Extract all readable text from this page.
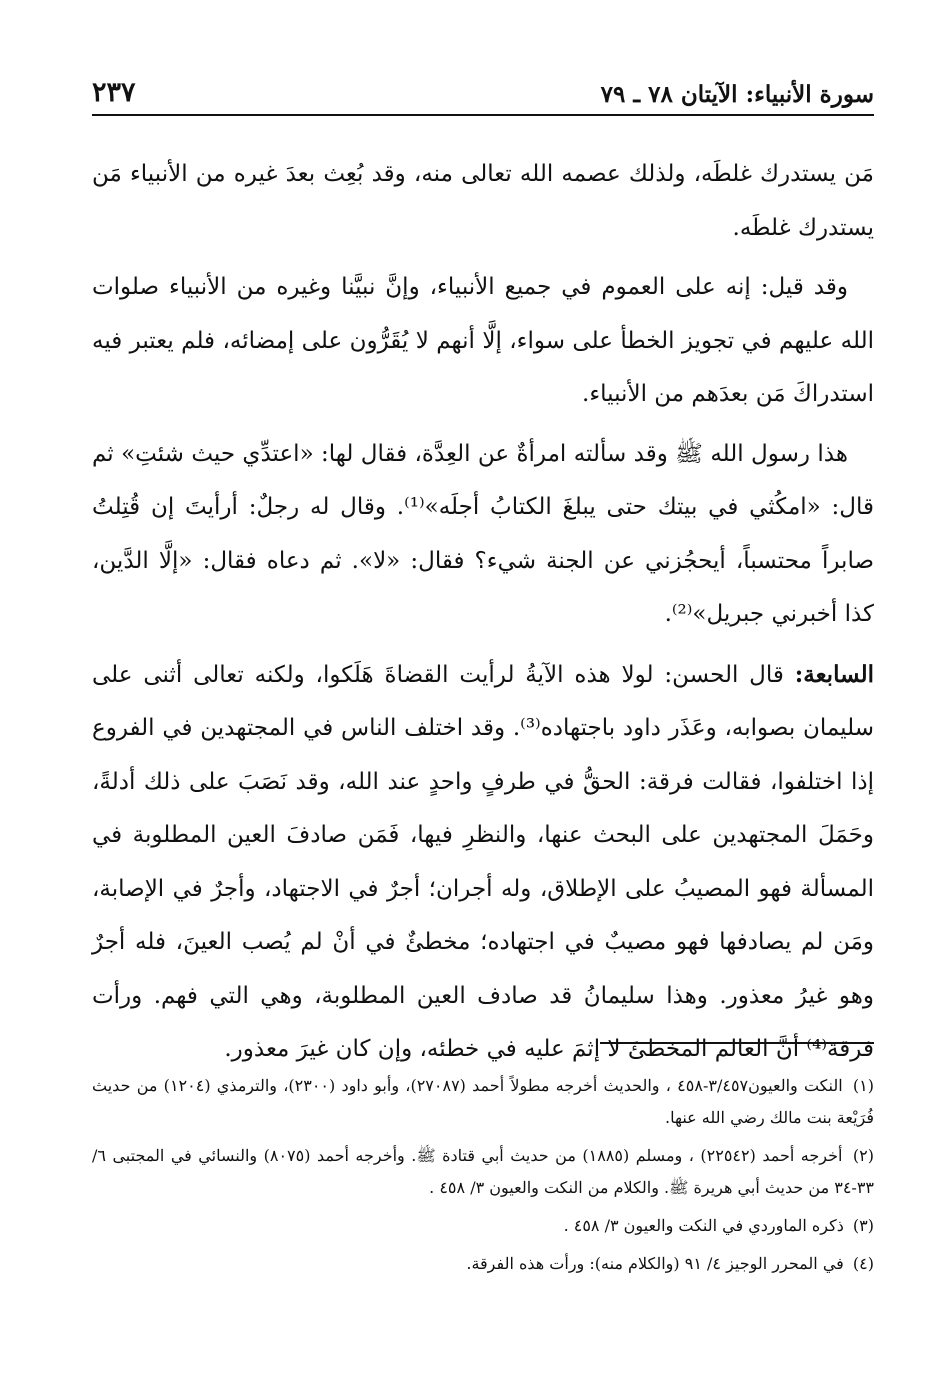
سورة الأنبياء: الآيتان ٧٨ ـ ٧٩
٢٣٧

مَن يستدرك غلطَه، ولذلك عصمه الله تعالى منه، وقد بُعِث بعدَ غيره من الأنبياء مَن يستدرك غلطَه.

وقد قيل: إنه على العموم في جميع الأنبياء، وإنَّ نبيَّنا وغيره من الأنبياء صلوات الله عليهم في تجويز الخطأ على سواء، إلَّا أنهم لا يُقَرُّون على إمضائه، فلم يعتبر فيه استدراكَ مَن بعدَهم من الأنبياء.

هذا رسول الله ﷺ وقد سألته امرأةٌ عن العِدَّة، فقال لها: «اعتدِّي حيث شئتِ» ثم قال: «امكُثي في بيتك حتى يبلغَ الكتابُ أجلَه»⁽¹⁾. وقال له رجلٌ: أرأيتَ إن قُتِلتُ صابراً محتسباً، أيحجُزني عن الجنة شيء؟ فقال: «لا». ثم دعاه فقال: «إلَّا الدَّين، كذا أخبرني جبريل»⁽²⁾.

السابعة: قال الحسن: لولا هذه الآيةُ لرأيت القضاةَ هَلَكوا، ولكنه تعالى أثنى على سليمان بصوابه، وعَذَر داود باجتهاده⁽³⁾. وقد اختلف الناس في المجتهدين في الفروع إذا اختلفوا، فقالت فرقة: الحقُّ في طرفٍ واحدٍ عند الله، وقد نَصَبَ على ذلك أدلةً، وحَمَلَ المجتهدين على البحث عنها، والنظرِ فيها، فَمَن صادفَ العين المطلوبة في المسألة فهو المصيبُ على الإطلاق، وله أجران؛ أجرٌ في الاجتهاد، وأجرٌ في الإصابة، ومَن لم يصادفها فهو مصيبٌ في اجتهاده؛ مخطئٌ في أنْ لم يُصب العينَ، فله أجرٌ وهو غيرُ معذور. وهذا سليمانُ قد صادف العين المطلوبة، وهي التي فهم. ورأت فرقة⁽⁴⁾ أنَّ العالم المخطئَ لا إثمَ عليه في خطئه، وإن كان غيرَ معذور.

(١) النكت والعيون٣/٤٥٧-٤٥٨ ، والحديث أخرجه مطولاً أحمد (٢٧٠٨٧)، وأبو داود (٢٣٠٠)، والترمذي (١٢٠٤) من حديث فُرَيْعة بنت مالك رضي الله عنها.

(٢) أخرجه أحمد (٢٢٥٤٢) ، ومسلم (١٨٨٥) من حديث أبي قتادة ﷺ. وأخرجه أحمد (٨٠٧٥) والنسائي في المجتبى ٦/ ٣٣-٣٤ من حديث أبي هريرة ﷺ. والكلام من النكت والعيون ٣/ ٤٥٨ .

(٣) ذكره الماوردي في النكت والعيون ٣/ ٤٥٨ .

(٤) في المحرر الوجيز ٤/ ٩١ (والكلام منه): ورأت هذه الفرقة.
